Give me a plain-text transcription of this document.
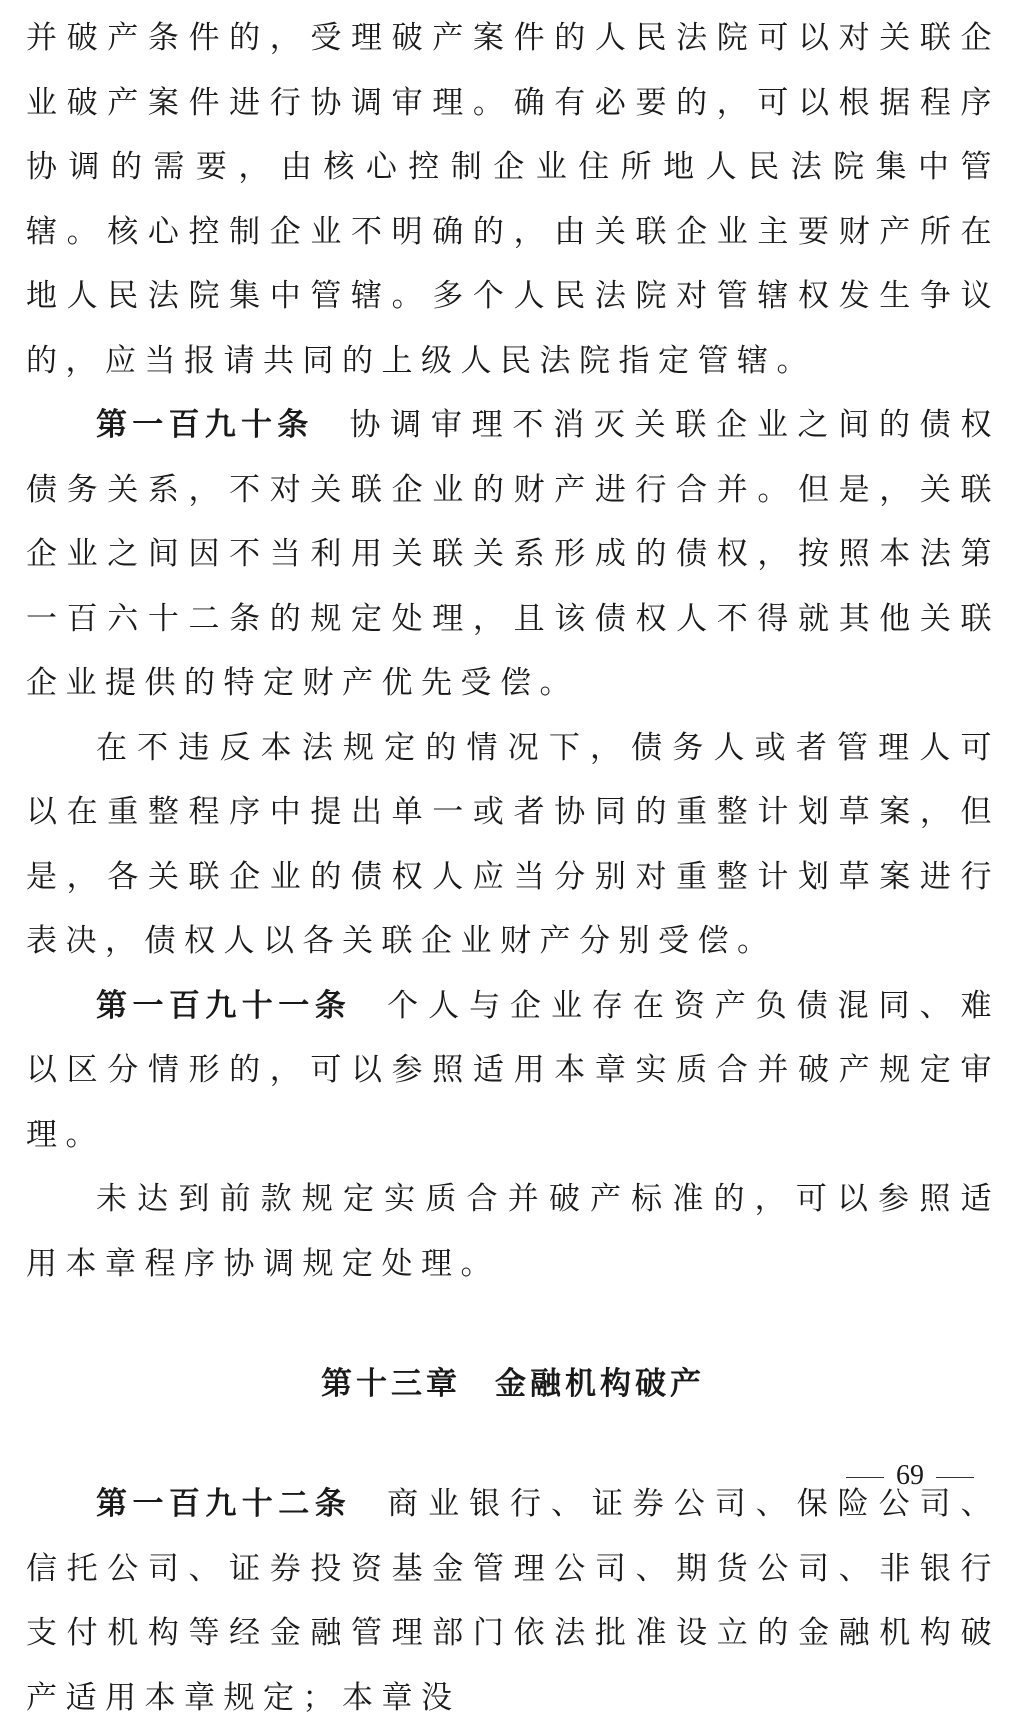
并破产条件的，受理破产案件的人民法院可以对关联企业破产案件进行协调审理。确有必要的，可以根据程序协调的需要，由核心控制企业住所地人民法院集中管辖。核心控制企业不明确的，由关联企业主要财产所在地人民法院集中管辖。多个人民法院对管辖权发生争议的，应当报请共同的上级人民法院指定管辖。

第一百九十条 协调审理不消灭关联企业之间的债权债务关系，不对关联企业的财产进行合并。但是，关联企业之间因不当利用关联关系形成的债权，按照本法第一百六十二条的规定处理，且该债权人不得就其他关联企业提供的特定财产优先受偿。

在不违反本法规定的情况下，债务人或者管理人可以在重整程序中提出单一或者协同的重整计划草案，但是，各关联企业的债权人应当分别对重整计划草案进行表决，债权人以各关联企业财产分别受偿。

第一百九十一条 个人与企业存在资产负债混同、难以区分情形的，可以参照适用本章实质合并破产规定审理。

未达到前款规定实质合并破产标准的，可以参照适用本章程序协调规定处理。

第十三章 金融机构破产

第一百九十二条 商业银行、证券公司、保险公司、信托公司、证券投资基金管理公司、期货公司、非银行支付机构等经金融管理部门依法批准设立的金融机构破产适用本章规定；本章没

69
